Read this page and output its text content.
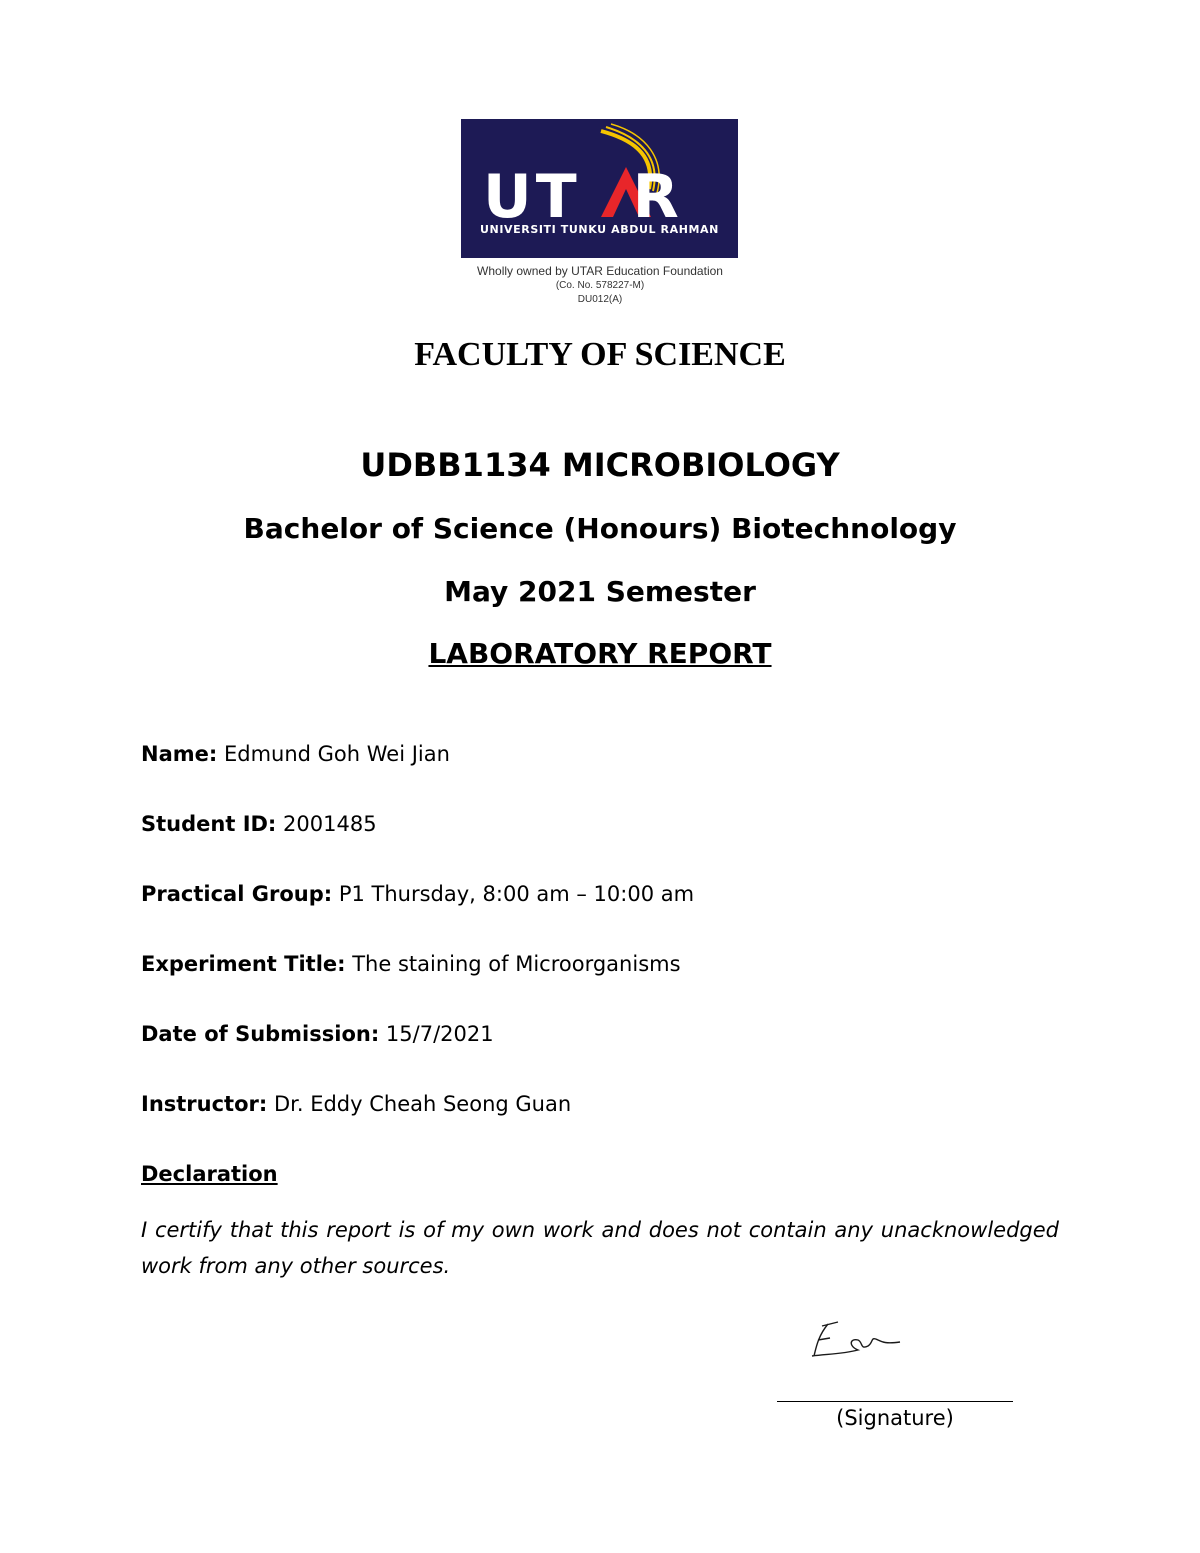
UT R
UNIVERSITI TUNKU ABDUL RAHMAN
Wholly owned by UTAR Education Foundation
(Co. No. 578227-M)
DU012(A)
FACULTY OF SCIENCE
UDBB1134 MICROBIOLOGY
Bachelor of Science (Honours) Biotechnology
May 2021 Semester
LABORATORY REPORT
Name: Edmund Goh Wei Jian
Student ID: 2001485
Practical Group: P1 Thursday, 8:00 am – 10:00 am
Experiment Title: The staining of Microorganisms
Date of Submission: 15/7/2021
Instructor: Dr. Eddy Cheah Seong Guan
Declaration
I certify that this report is of my own work and does not contain any unacknowledged work from any other sources.
(Signature)
